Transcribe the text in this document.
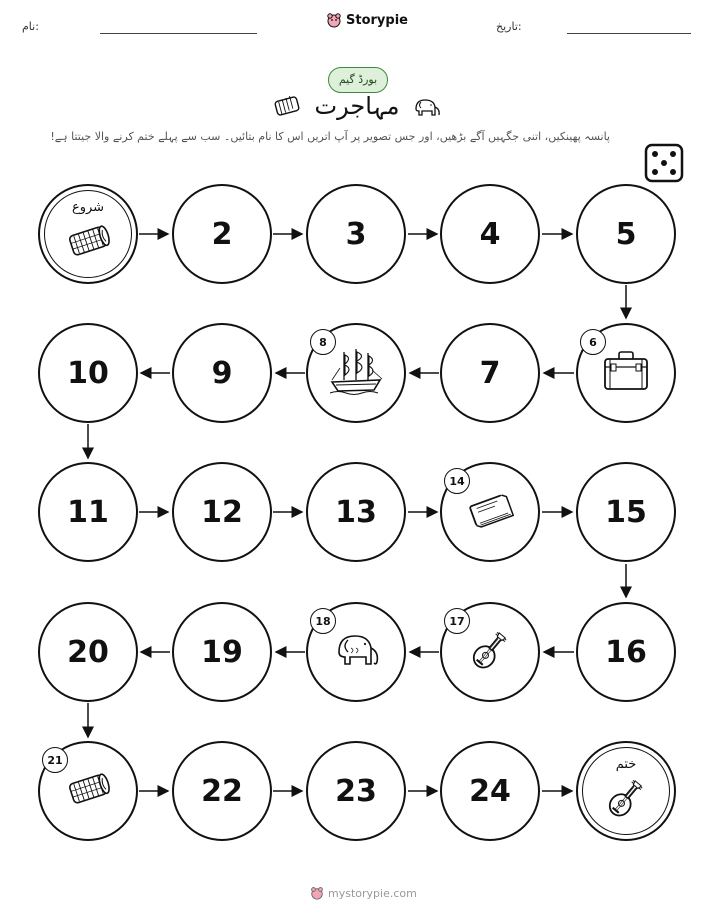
نام:	Storypie	تاریخ:
بورڈ گیم
مہاجرت
پانسہ پھینکیں، اتنی جگہیں آگے بڑھیں، اور جس تصویر پر آپ اتریں اس کا نام بتائیں۔ سب سے پہلے ختم کرنے والا جیتتا ہے!
شروع
2	3	4	5
6
7
8
9
10
11	12	13
14
15
16
17
18
19
20
21
22	23	24
ختم
mystorypie.com
